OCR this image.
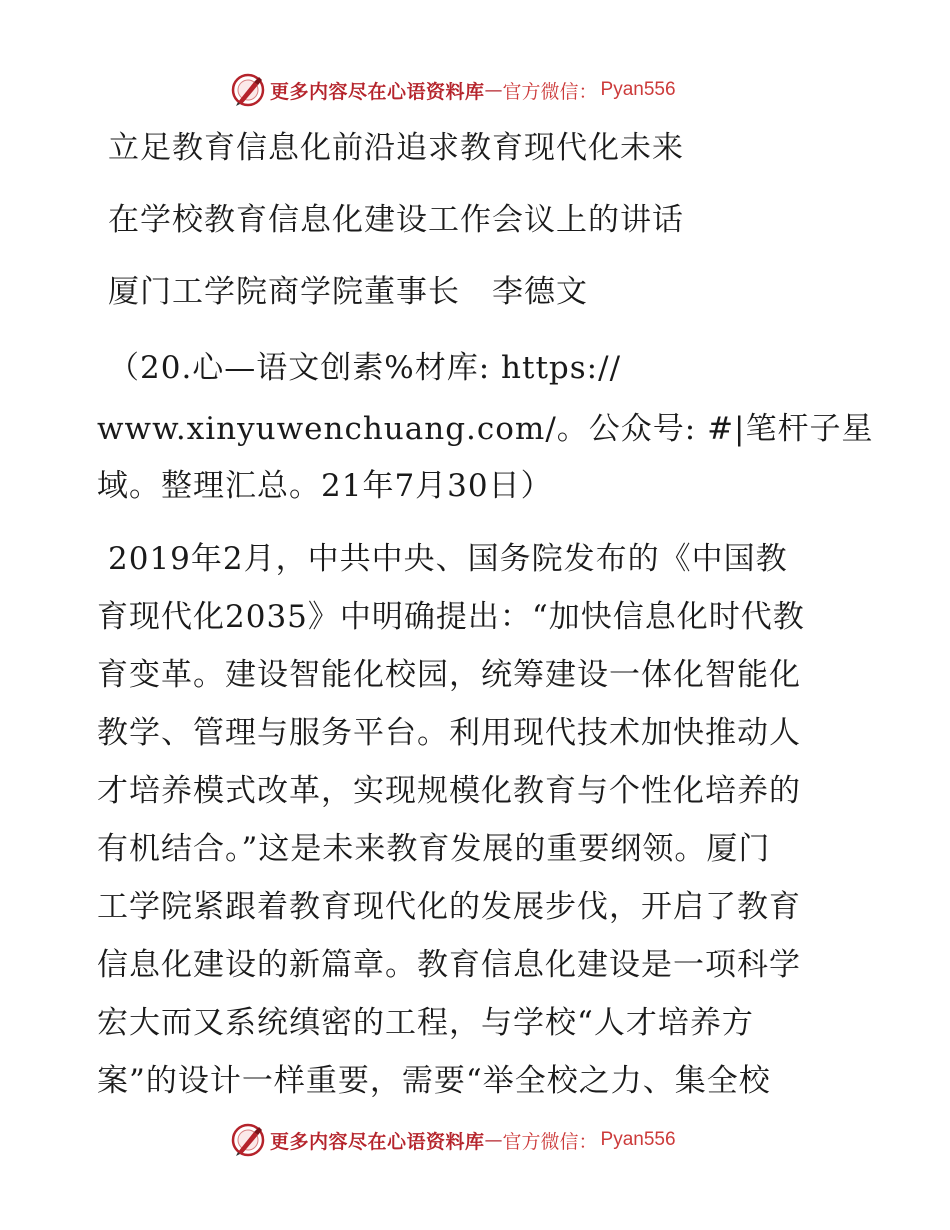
更多内容尽在心语资料库 — 官方微信： Pyan556
立足教育信息化前沿追求教育现代化未来
在学校教育信息化建设工作会议上的讲话
厦门工学院商学院董事长　李德文
（20.心—语文创素%材库: https://
www.xinyuwenchuang.com/。公众号: #|笔杆子星
域。整理汇总。21年7月30日）
2019年2月，中共中央、国务院发布的《中国教
育现代化2035》中明确提出：“加快信息化时代教
育变革。建设智能化校园，统筹建设一体化智能化
教学、管理与服务平台。利用现代技术加快推动人
才培养模式改革，实现规模化教育与个性化培养的
有机结合。”这是未来教育发展的重要纲领。厦门
工学院紧跟着教育现代化的发展步伐，开启了教育
信息化建设的新篇章。教育信息化建设是一项科学
宏大而又系统缜密的工程，与学校“人才培养方
案”的设计一样重要，需要“举全校之力、集全校
更多内容尽在心语资料库 — 官方微信： Pyan556
